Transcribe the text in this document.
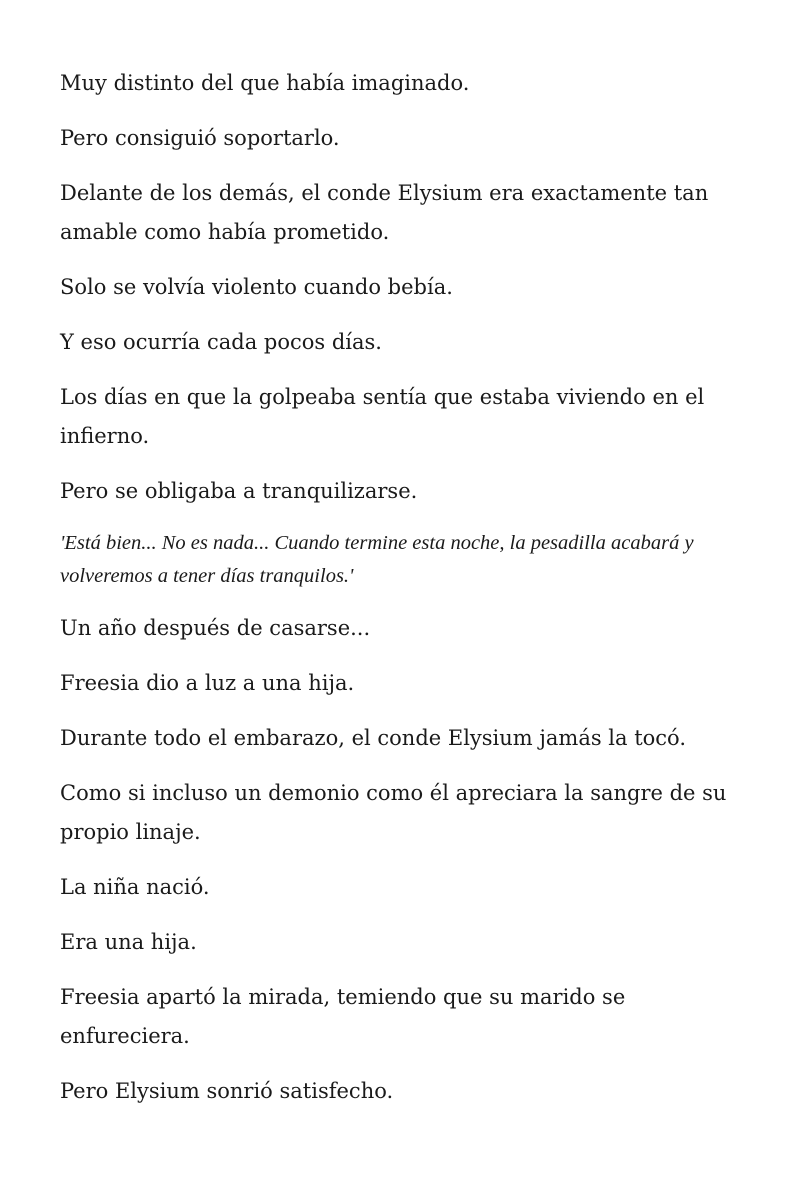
Muy distinto del que había imaginado.

Pero consiguió soportarlo.

Delante de los demás, el conde Elysium era exactamente tan amable como había prometido.

Solo se volvía violento cuando bebía.

Y eso ocurría cada pocos días.

Los días en que la golpeaba sentía que estaba viviendo en el infierno.

Pero se obligaba a tranquilizarse.

'Está bien... No es nada... Cuando termine esta noche, la pesadilla acabará y volveremos a tener días tranquilos.'

Un año después de casarse...

Freesia dio a luz a una hija.

Durante todo el embarazo, el conde Elysium jamás la tocó.

Como si incluso un demonio como él apreciara la sangre de su propio linaje.

La niña nació.

Era una hija.

Freesia apartó la mirada, temiendo que su marido se enfureciera.

Pero Elysium sonrió satisfecho.
